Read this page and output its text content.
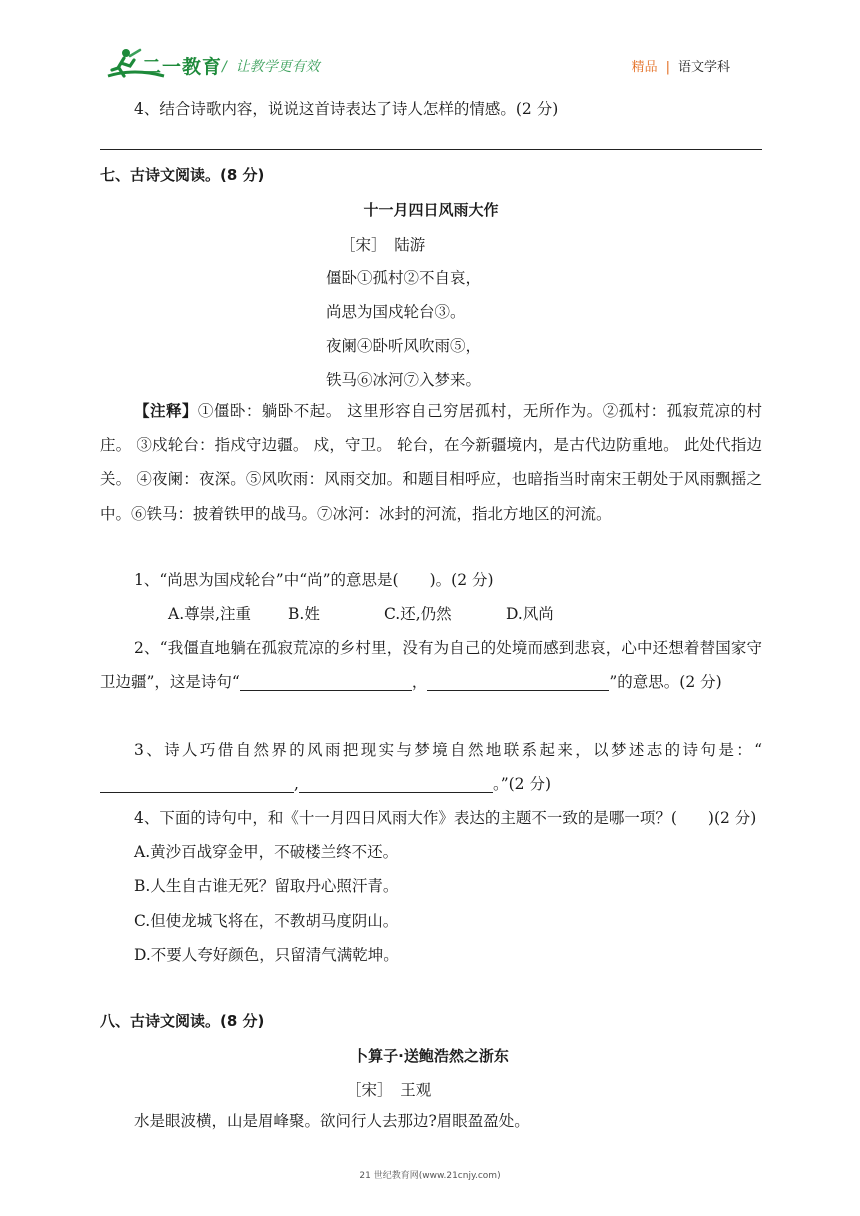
二一教育 /  让教学更有效	精品 | 语文学科

4、结合诗歌内容，说说这首诗表达了诗人怎样的情感。(2 分)

七、古诗文阅读。(8 分)
十一月四日风雨大作
［宋］　陆游
僵卧①孤村②不自哀，
尚思为国戍轮台③。
夜阑④卧听风吹雨⑤，
铁马⑥冰河⑦入梦来。

【注释】①僵卧：躺卧不起。 这里形容自己穷居孤村，无所作为。②孤村：孤寂荒凉的村庄。 ③戍轮台：指戍守边疆。 戍，守卫。 轮台，在今新疆境内，是古代边防重地。 此处代指边关。 ④夜阑：夜深。⑤风吹雨：风雨交加。和题目相呼应，也暗指当时南宋王朝处于风雨飘摇之中。⑥铁马：披着铁甲的战马。⑦冰河：冰封的河流，指北方地区的河流。

1、“尚思为国戍轮台”中“尚”的意思是(　　)。(2 分)

A.尊崇,注重 B.姓	C.还,仍然	D.风尚

2、“我僵直地躺在孤寂荒凉的乡村里，没有为自己的处境而感到悲哀，心中还想着替国家守卫边疆”，这是诗句“	，	”的意思。(2 分)

3、诗人巧借自然界的风雨把现实与梦境自然地联系起来，以梦述志的诗句是：“,	。”(2 分)

4、下面的诗句中，和《十一月四日风雨大作》表达的主题不一致的是哪一项？(　　)(2 分)

A.黄沙百战穿金甲，不破楼兰终不还。

B.人生自古谁无死？留取丹心照汗青。

C.但使龙城飞将在，不教胡马度阴山。

D.不要人夸好颜色，只留清气满乾坤。

八、古诗文阅读。(8 分)
卜算子·送鲍浩然之浙东
［宋］　王观

水是眼波横，山是眉峰聚。欲问行人去那边?眉眼盈盈处。

21 世纪教育网(www.21cnjy.com)
